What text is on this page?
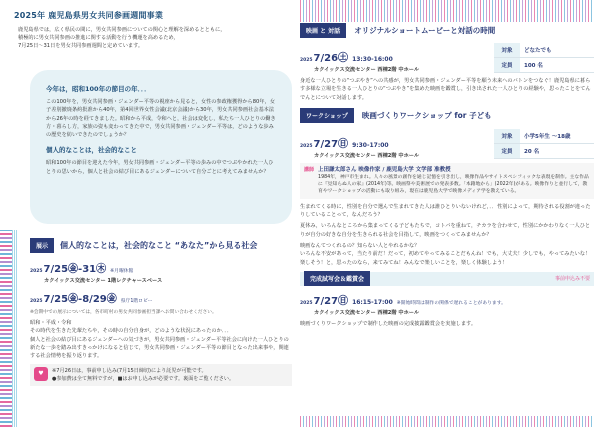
2025年 鹿児島県男女共同参画週間事業
鹿児島県では，広く県民の間に，男女共同参画についての関心と理解を深めるとともに，
積極的に男女共同参画の推進に関する活動を行う機運を高めるため，
7月25日～31日を男女共同参画週間と定めています。
今年は，昭和100年の節目の年．．．

この100年を，男女共同参画・ジェンダー平等の視座から見ると，女性の参政権獲得から80年，女子差別撤廃条約批准から40年，第4回世界女性会議(北京会議)から30年，男女共同参画社会基本法から26年の時を経てきました。昭和から平成，令和へと，社会は変化し，私たち一人ひとりの働き方・暮らし方，家族の姿も変わってきた中で，男女共同参画・ジェンダー平等は，どのような歩みの歴史を紡いできたのでしょうか？

個人的なことは，社会的なこと

昭和100年の節目を迎えた今年，男女共同参画・ジェンダー平等の歩みの中でつぶやかれた一人ひとりの思いから，個人と社会の結び目にあるジェンダーについて自分ごとに考えてみませんか？

展示	個人的なことは，社会的なこと “あなた”から見る社会
2025 7/25㊎-31㊍ ※月曜休館
カクイックス交流センター 1階レクチャースペース
2025 7/25㊎-8/29㊎ 県庁1階ロビー
※会期中での展示については，各市町村の男女共同参画担当課へお問い合わせください。
昭和・平成・令和
その時代を生きた先輩たちや，その時の自分自身が，どのような状況にあったのか．．．
個人と社会の結び目にあるジェンダーへの気づきが，男女共同参画・ジェンダー平等社会に向けた一人ひとりの新たな一歩を踏み出すきっかけになると信じて，男女共同参画・ジェンダー平等の節目となった出来事や，関連する社会情勢を振り返ります。
♥	※7月26日は，事前申し込み(7月15日締切)により託児が可能です。
●参加費は全て無料ですが，■はお申し込みが必要です。裏面をご覧ください。
映画 と 対話	オリジナルショートムービーと対話の時間
2025 7/26㊏ 13:30-16:00
カクイックス交流センター 西棟2階 中ホール
対象	どなたでも
定員	100 名
身近な一人ひとりの“つぶやき”への共感が，男女共同参画・ジェンダー平等を願う未来へのバトンをつなぐ！鹿児島県に暮らす多様な立場を生きる一人ひとりの“つぶやき”を集めた映画を鑑賞し，引き出された一人ひとりの経験や，思ったことをてんでんとについて対話します。
ワークショップ	映画づくりワークショップ for 子ども
2025 7/27㊐ 9:30-17:00
カクイックス交流センター 西棟2階 中ホール
対象	小学5年生 ～18歳
定員	20 名
講師 上田謙太郎さん 映像作家 / 鹿児島大学 文学部 准教授
1984年，神戸市生まれ。人々の風景の創作を通じ記憶を引き出し，映像作品やサイトスペシフィックな表現を制作。主な作品に『見知らぬ人の家』(2014年)等。映画祭や美術展での発表多数。「本籍地から」(2022年)がある。映像作りと並行して，教育やワークショップの活動にも取り組み，現在は鹿児島大学で映像メディア学を教えている。
生まれてくる時に，性別を自分で選んで生まれてきた人は誰ひとりいないけれど，．．性別によって，期待される役割が違ったりしていることって，なんだろう？
夏休み，いろんなところから集まってくる子どもたちで，コトバを重ねて，チカラを合わせて，性別にかかわりなく一人ひとりが自分の好きな自分を生きられる社会を目指して，映画をつくってみませんか？
映画なんてつくれるの？知らない人とやれるかな？
いろんな不安があって，当たり前だ！だって，初めてやってみることだもんね！でも，大丈夫！少しでも，やってみたいな！楽しそう！と，思ったのなら，来てみてね！みんなで楽しいことを，楽しく体験しよう！
完成試写会＆鑑賞会	事前申込み不要
2025 7/27㊐ 16:15-17:00 ※開始時間は制作の関係で遅れることがあります。
カクイックス交流センター 西棟2階 中ホール
映画づくりワークショップで制作した映画の完成披露鑑賞会を実施します。
